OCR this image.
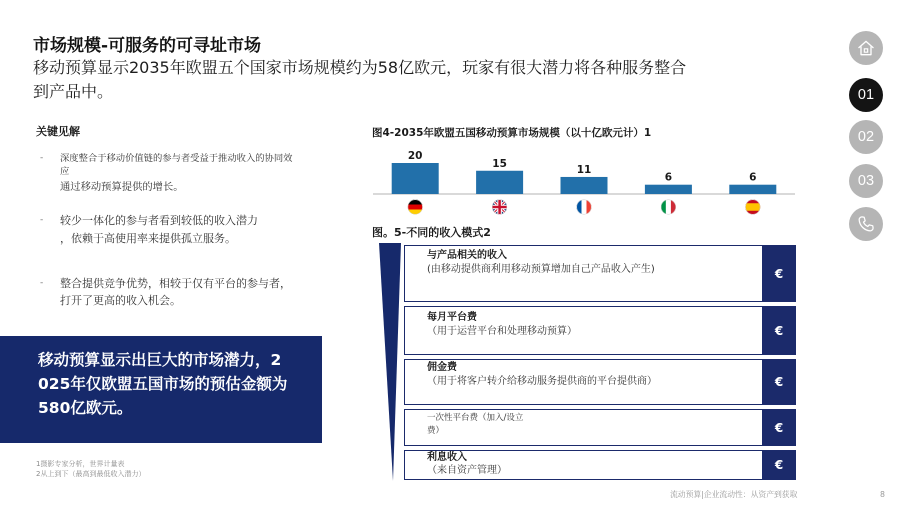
市场规模-可服务的可寻址市场
移动预算显示2035年欧盟五个国家市场规模约为58亿欧元，玩家有很大潜力将各种服务整合
到产品中。	01
02
03
关键见解
- 深度整合于移动价值链的参与者受益于推动收入的协同效
应
通过移动预算提供的增长。
- 较少一体化的参与者看到较低的收入潜力
，依赖于高使用率来提供孤立服务。
- 整合提供竞争优势，相较于仅有平台的参与者，
打开了更高的收入机会。
移动预算显示出巨大的市场潜力，2
025年仅欧盟五国市场的预估金额为
580亿欧元。
1摄影专家分析，世界计量表
2从上到下（最高到最低收入潜力）
流动预算|企业流动性：从资产到获取	8
图4-2035年欧盟五国移动预算市场规模（以十亿欧元计）1
20
15
11
6	6
图。5-不同的收入模式2
与产品相关的收入
(由移动提供商利用移动预算增加自己产品收入产生)	€
每月平台费
（用于运营平台和处理移动预算）	€
佣金费
（用于将客户转介给移动服务提供商的平台提供商）	€
一次性平台费（加入/设立
费）	€
利息收入
（来自资产管理）	€
